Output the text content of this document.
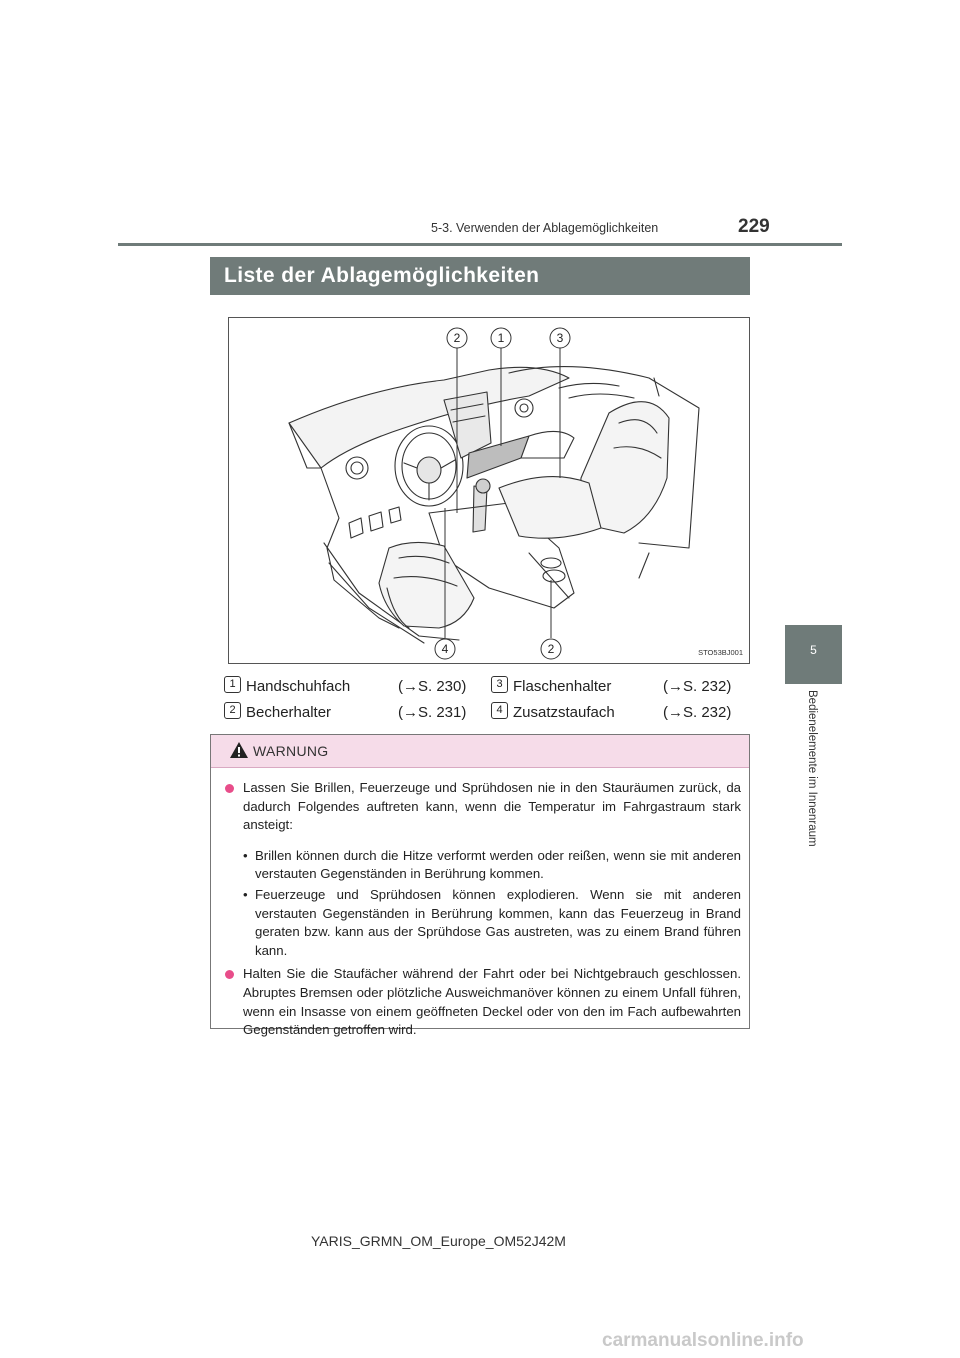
5-3. Verwenden der Ablagemöglichkeiten	229
5
Bedienelemente im Innenraum
Liste der Ablagemöglichkeiten
2	1	3
4	2	STO53BJ001
1 Handschuhfach	(→S. 230)
2 Becherhalter	(→S. 231)
3 Flaschenhalter	(→S. 232)
4 Zusatzstaufach	(→S. 232)
WARNUNG
Lassen Sie Brillen, Feuerzeuge und Sprühdosen nie in den Stauräumen zurück, da dadurch Folgendes auftreten kann, wenn die Temperatur im Fahrgastraum stark ansteigt:
• Brillen können durch die Hitze verformt werden oder reißen, wenn sie mit anderen verstauten Gegenständen in Berührung kommen.
• Feuerzeuge und Sprühdosen können explodieren. Wenn sie mit anderen verstauten Gegenständen in Berührung kommen, kann das Feuerzeug in Brand geraten bzw. kann aus der Sprühdose Gas austreten, was zu einem Brand führen kann.
Halten Sie die Staufächer während der Fahrt oder bei Nichtgebrauch geschlossen. Abruptes Bremsen oder plötzliche Ausweichmanöver können zu einem Unfall führen, wenn ein Insasse von einem geöffneten Deckel oder von den im Fach aufbewahrten Gegenständen getroffen wird.
YARIS_GRMN_OM_Europe_OM52J42M
carmanualsonline.info
